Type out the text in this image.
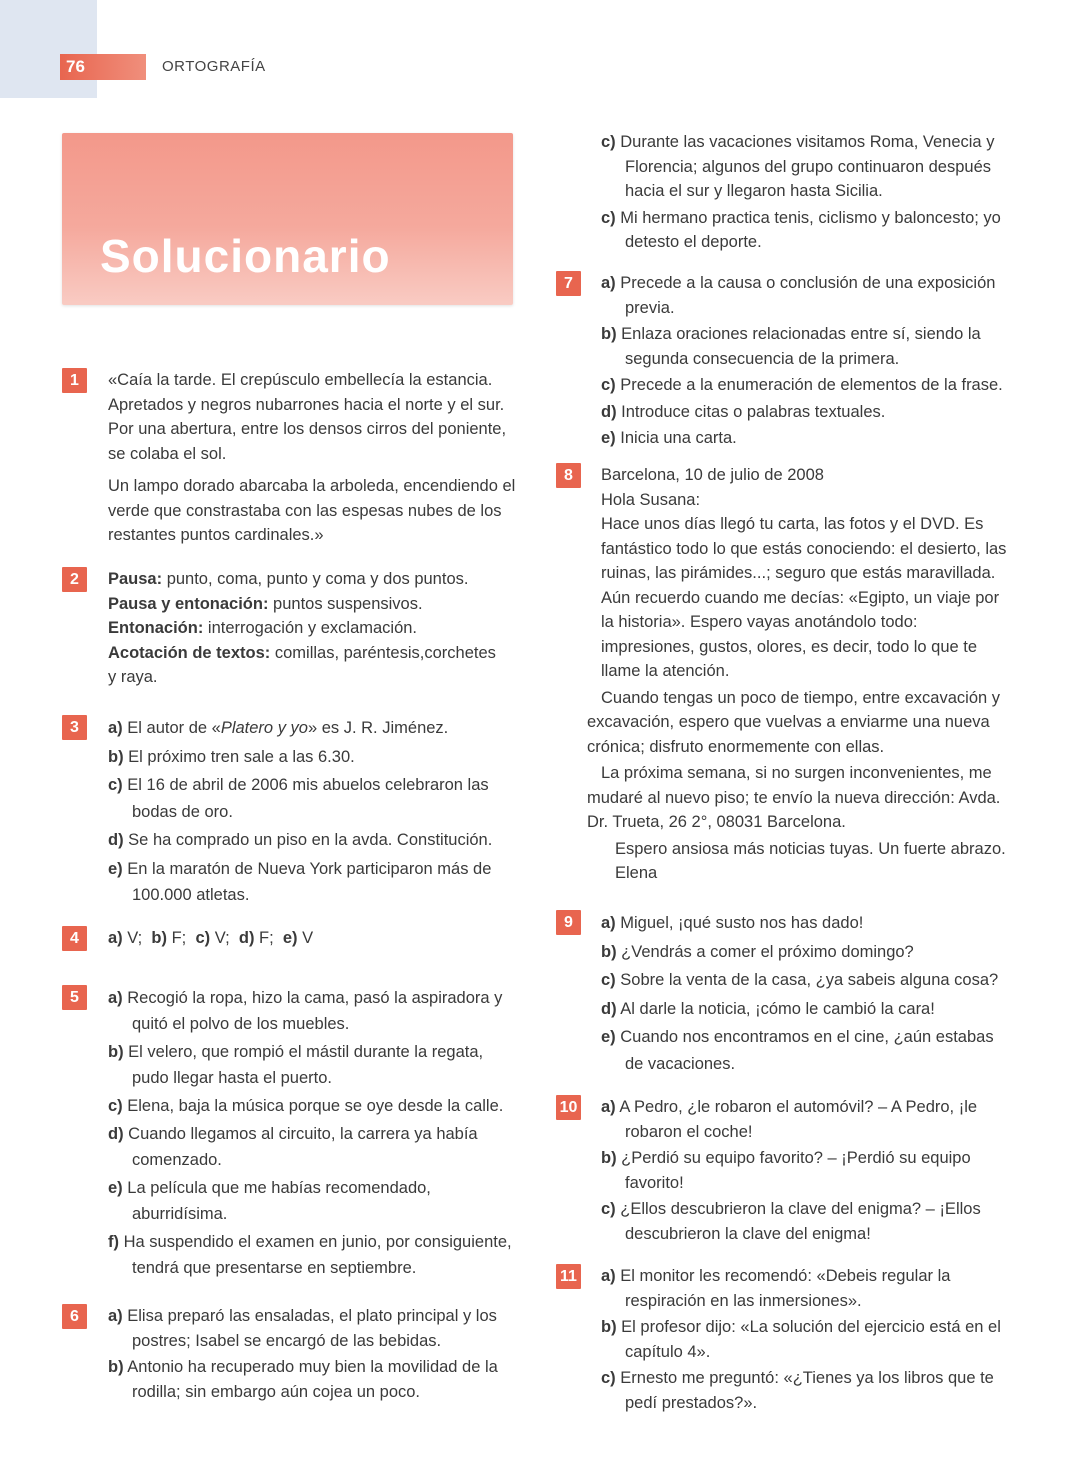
76	ORTOGRAFÍA
Solucionario
1	«Caía la tarde. El crepúsculo embellecía la estancia.

Apretados y negros nubarrones hacia el norte y el sur.

Por una abertura, entre los densos cirros del poniente,

se colaba el sol.

Un lampo dorado abarcaba la arboleda, encendiendo el

verde que constrastaba con las espesas nubes de los

restantes puntos cardinales.»

2	Pausa: punto, coma, punto y coma y dos puntos.

Pausa y entonación: puntos suspensivos.

Entonación: interrogación y exclamación.

Acotación de textos: comillas, paréntesis,corchetes y raya.

3	a) El autor de «Platero y yo» es J. R. Jiménez.

b) El próximo tren sale a las 6.30.

c) El 16 de abril de 2006 mis abuelos celebraron las bodas de oro.

d) Se ha comprado un piso en la avda. Constitución.

e) En la maratón de Nueva York participaron más de 100.000 atletas.

4	a) V; b) F; c) V; d) F; e) V
5	a) Recogió la ropa, hizo la cama, pasó la aspiradora y quitó el polvo de los muebles.

b) El velero, que rompió el mástil durante la regata, pudo llegar hasta el puerto.

c) Elena, baja la música porque se oye desde la calle.

d) Cuando llegamos al circuito, la carrera ya había comenzado.

e) La película que me habías recomendado, aburridísima.

f) Ha suspendido el examen en junio, por consiguiente, tendrá que presentarse en septiembre.

6	a) Elisa preparó las ensaladas, el plato principal y los postres; Isabel se encargó de las bebidas.

b) Antonio ha recuperado muy bien la movilidad de la rodilla; sin embargo aún cojea un poco.

c) Durante las vacaciones visitamos Roma, Venecia y Florencia; algunos del grupo continuaron después hacia el sur y llegaron hasta Sicilia.

c) Mi hermano practica tenis, ciclismo y baloncesto; yo detesto el deporte.

7	a) Precede a la causa o conclusión de una exposición previa.

b) Enlaza oraciones relacionadas entre sí, siendo la segunda consecuencia de la primera.

c) Precede a la enumeración de elementos de la frase.

d) Introduce citas o palabras textuales.

e) Inicia una carta.

8	Barcelona, 10 de julio de 2008

Hola Susana:

Hace unos días llegó tu carta, las fotos y el DVD. Es fantástico todo lo que estás conociendo: el desierto, las ruinas, las pirámides...; seguro que estás maravillada. Aún recuerdo cuando me decías: «Egipto, un viaje por la historia». Espero vayas anotándolo todo: impresiones, gustos, olores, es decir, todo lo que te llame la atención.

Cuando tengas un poco de tiempo, entre excavación y excavación, espero que vuelvas a enviarme una nueva crónica; disfruto enormemente con ellas.

La próxima semana, si no surgen inconvenientes, me mudaré al nuevo piso; te envío la nueva dirección: Avda. Dr. Trueta, 26 2°, 08031 Barcelona.

Espero ansiosa más noticias tuyas. Un fuerte abrazo.

Elena

9	a) Miguel, ¡qué susto nos has dado!

b) ¿Vendrás a comer el próximo domingo?

c) Sobre la venta de la casa, ¿ya sabeis alguna cosa?

d) Al darle la noticia, ¡cómo le cambió la cara!

e) Cuando nos encontramos en el cine, ¿aún estabas de vacaciones.

10 a) A Pedro, ¿le robaron el automóvil? – A Pedro, ¡le robaron el coche!

b) ¿Perdió su equipo favorito? – ¡Perdió su equipo favorito!

c) ¿Ellos descubrieron la clave del enigma? – ¡Ellos descubrieron la clave del enigma!

11 a) El monitor les recomendó: «Debeis regular la respiración en las inmersiones».

b) El profesor dijo: «La solución del ejercicio está en el capítulo 4».

c) Ernesto me preguntó: «¿Tienes ya los libros que te pedí prestados?».
